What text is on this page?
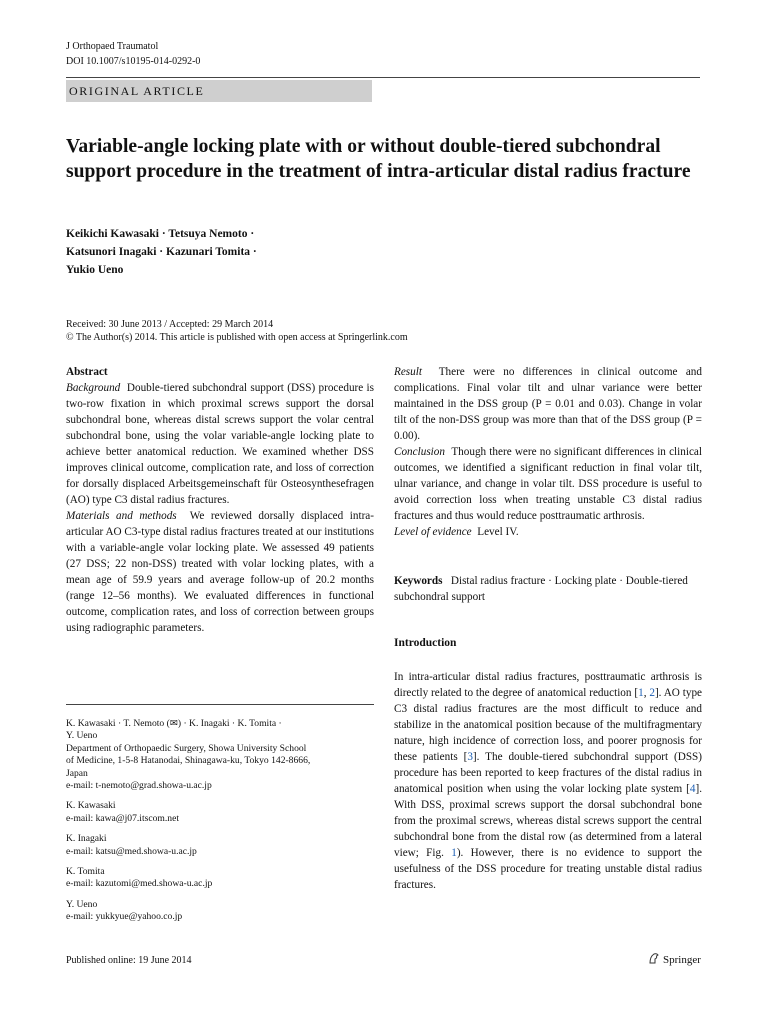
J Orthopaed Traumatol
DOI 10.1007/s10195-014-0292-0
ORIGINAL ARTICLE
Variable-angle locking plate with or without double-tiered subchondral support procedure in the treatment of intra-articular distal radius fracture
Keikichi Kawasaki · Tetsuya Nemoto ·
Katsunori Inagaki · Kazunari Tomita ·
Yukio Ueno
Received: 30 June 2013 / Accepted: 29 March 2014
© The Author(s) 2014. This article is published with open access at Springerlink.com

Abstract

Background Double-tiered subchondral support (DSS) procedure is two-row fixation in which proximal screws support the dorsal subchondral bone, whereas distal screws support the volar central subchondral bone, using the volar variable-angle locking plate to achieve better anatomical reduction. We examined whether DSS improves clinical outcome, complication rate, and loss of correction for dorsally displaced Arbeitsgemeinschaft für Osteosynthesefragen (AO) type C3 distal radius fractures.

Materials and methods We reviewed dorsally displaced intra-articular AO C3-type distal radius fractures treated at our institutions with a variable-angle volar locking plate. We assessed 49 patients (27 DSS; 22 non-DSS) treated with volar locking plates, with a mean age of 59.9 years and average follow-up of 20.2 months (range 12–56 months). We evaluated differences in functional outcome, complication rates, and loss of correction between groups using radiographic parameters.

K. Kawasaki · T. Nemoto (✉) · K. Inagaki · K. Tomita ·
Y. Ueno
Department of Orthopaedic Surgery, Showa University School
of Medicine, 1-5-8 Hatanodai, Shinagawa-ku, Tokyo 142-8666,
Japan
e-mail: t-nemoto@grad.showa-u.ac.jp
K. Kawasaki
e-mail: kawa@j07.itscom.net
K. Inagaki
e-mail: katsu@med.showa-u.ac.jp
K. Tomita
e-mail: kazutomi@med.showa-u.ac.jp
Y. Ueno
e-mail: yukkyue@yahoo.co.jp

Result There were no differences in clinical outcome and complications. Final volar tilt and ulnar variance were better maintained in the DSS group (P = 0.01 and 0.03). Change in volar tilt of the non-DSS group was more than that of the DSS group (P = 0.00).

Conclusion Though there were no significant differences in clinical outcomes, we identified a significant reduction in final volar tilt, ulnar variance, and change in volar tilt. DSS procedure is useful to avoid correction loss when treating unstable C3 distal radius fractures and thus would reduce posttraumatic arthrosis.

Level of evidence Level IV.

Keywords Distal radius fracture · Locking plate · Double-tiered subchondral support

Introduction

In intra-articular distal radius fractures, posttraumatic arthrosis is directly related to the degree of anatomical reduction [1, 2]. AO type C3 distal radius fractures are the most difficult to reduce and stabilize in the anatomical position because of the multifragmentary nature, high incidence of correction loss, and poorer prognosis for these patients [3]. The double-tiered subchondral support (DSS) procedure has been reported to keep fractures of the distal radius in anatomical position when using the volar locking plate system [4]. With DSS, proximal screws support the dorsal subchondral bone from the proximal screws, whereas distal screws support the central subchondral bone from the distal row (as determined from a lateral view; Fig. 1). However, there is no evidence to support the usefulness of the DSS procedure for treating unstable distal radius fractures.

Published online: 19 June 2014	Springer
